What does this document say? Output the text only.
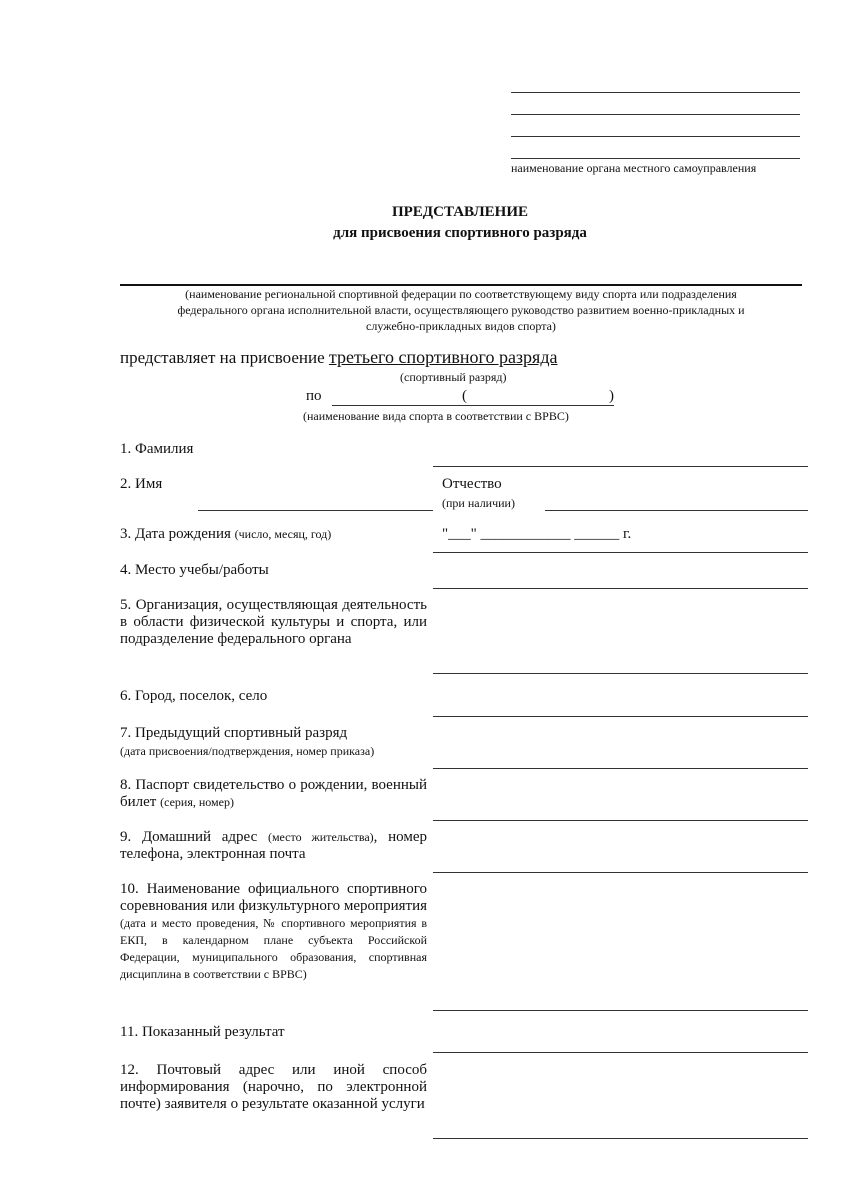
наименование органа местного самоуправления
ПРЕДСТАВЛЕНИЕ
для присвоения спортивного разряда
(наименование региональной спортивной федерации по соответствующему виду спорта или подразделения
федерального органа исполнительной власти, осуществляющего руководство развитием военно-прикладных и
служебно-прикладных видов спорта)
представляет на присвоение третьего спортивного разряда
(спортивный разряд)
по	(	)
(наименование вида спорта в соответствии с ВРВС)
1. Фамилия
2. Имя	Отчество
(при наличии)
3. Дата рождения (число, месяц, год)	"___" ____________ ______ г.
4. Место учебы/работы
5. Организация, осуществляющая деятельность в области физической культуры и спорта, или подразделение федерального органа
6. Город, поселок, село
7. Предыдущий спортивный разряд
(дата присвоения/подтверждения, номер приказа)
8. Паспорт свидетельство о рождении, военный билет (серия, номер)
9. Домашний адрес (место жительства), номер телефона, электронная почта
10. Наименование официального спортивного соревнования или физкультурного мероприятия (дата и место проведения, № спортивного мероприятия в ЕКП, в календарном плане субъекта Российской Федерации, муниципального образования, спортивная дисциплина в соответствии с ВРВС)
11. Показанный результат
12. Почтовый адрес или иной способ информирования (нарочно, по электронной почте) заявителя о результате оказанной услуги
